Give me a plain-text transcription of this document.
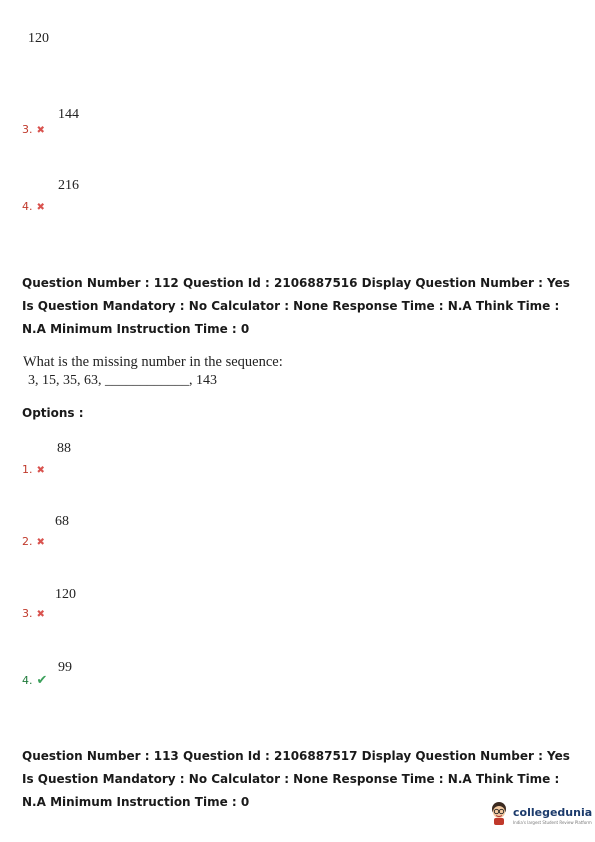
120
3. ✖
144
4. ✖
216
Question Number : 112 Question Id : 2106887516 Display Question Number : Yes Is Question Mandatory : No Calculator : None Response Time : N.A Think Time : N.A Minimum Instruction Time : 0
What is the missing number in the sequence:
3, 15, 35, 63, ____________, 143
Options :
1. ✖
88
2. ✖
68
3. ✖
120
4. ✔
99
Question Number : 113 Question Id : 2106887517 Display Question Number : Yes Is Question Mandatory : No Calculator : None Response Time : N.A Think Time : N.A Minimum Instruction Time : 0
collegedunia
India's largest Student Review Platform
